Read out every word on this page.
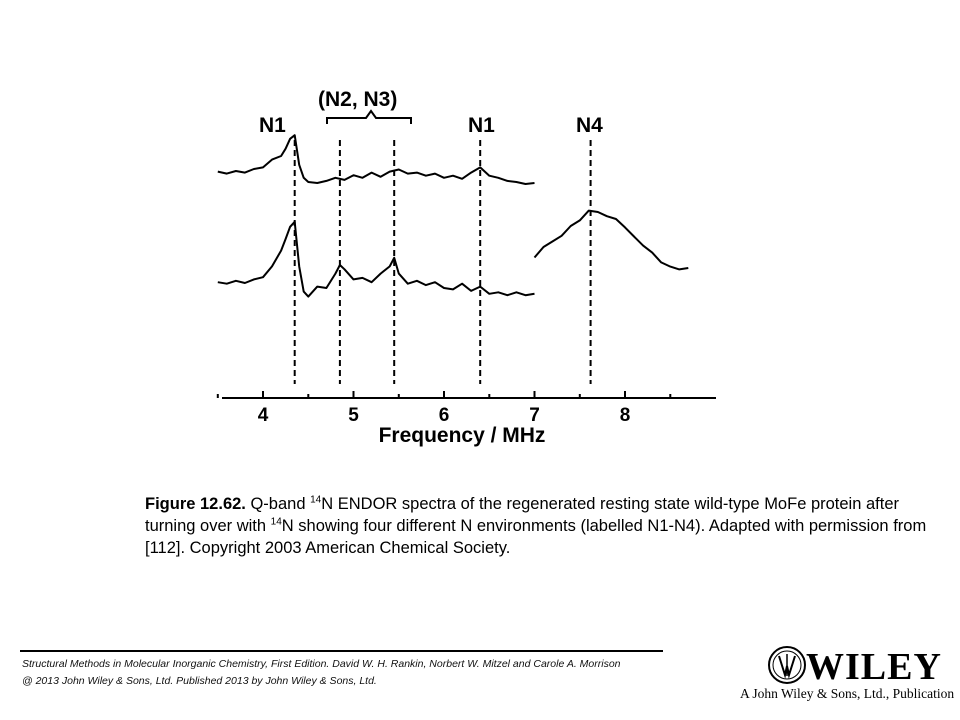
N1
(N2, N3)
N1	N4
4	5	6	7	8
Frequency / MHz
Figure 12.62. Q-band $^{14}$N ENDOR spectra of the regenerated resting state wild-type MoFe protein after turning over with $^{14}$N showing four different N environments (labelled N1-N4). Adapted with permission from [112]. Copyright 2003 American Chemical Society.
Structural Methods in Molecular Inorganic Chemistry, First Edition. David W. H. Rankin, Norbert W. Mitzel and Carole A. Morrison
@ 2013 John Wiley & Sons, Ltd. Published 2013 by John Wiley & Sons, Ltd.	WILEY
A John Wiley & Sons, Ltd., Publication
